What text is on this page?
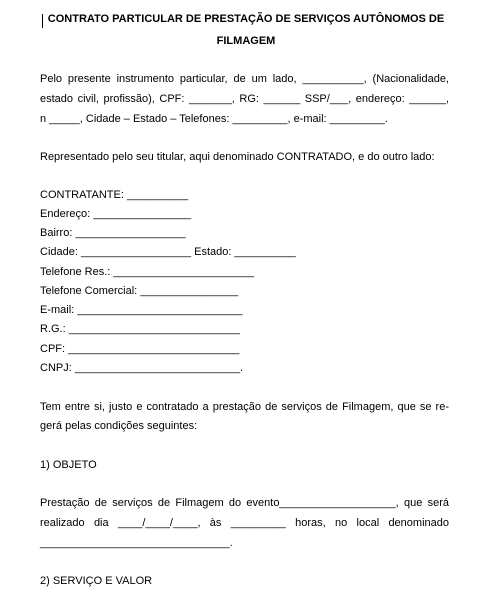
CONTRATO PARTICULAR DE PRESTAÇÃO DE SERVIÇOS AUTÔNOMOS DE
FILMAGEM
Pelo presente instrumento particular, de um lado, __________, (Nacionalidade,
estado civil, profissão), CPF: _______, RG: ______ SSP/___, endereço: ______,
n _____, Cidade – Estado – Telefones: _________, e-mail: _________.
Representado pelo seu titular, aqui denominado CONTRATADO, e do outro lado:
CONTRATANTE: __________
Endereço: ________________
Bairro: __________________
Cidade: __________________ Estado: __________
Telefone Res.: _______________________
Telefone Comercial: ________________
E-mail: ___________________________
R.G.: ____________________________
CPF: ____________________________
CNPJ: ___________________________.
Tem entre si, justo e contratado a prestação de serviços de Filmagem, que se re-
gerá pelas condições seguintes:
1) OBJETO
Prestação de serviços de Filmagem do evento___________________, que será
realizado dia ____/____/____, às _________ horas, no local denominado
_______________________________.
2) SERVIÇO E VALOR
